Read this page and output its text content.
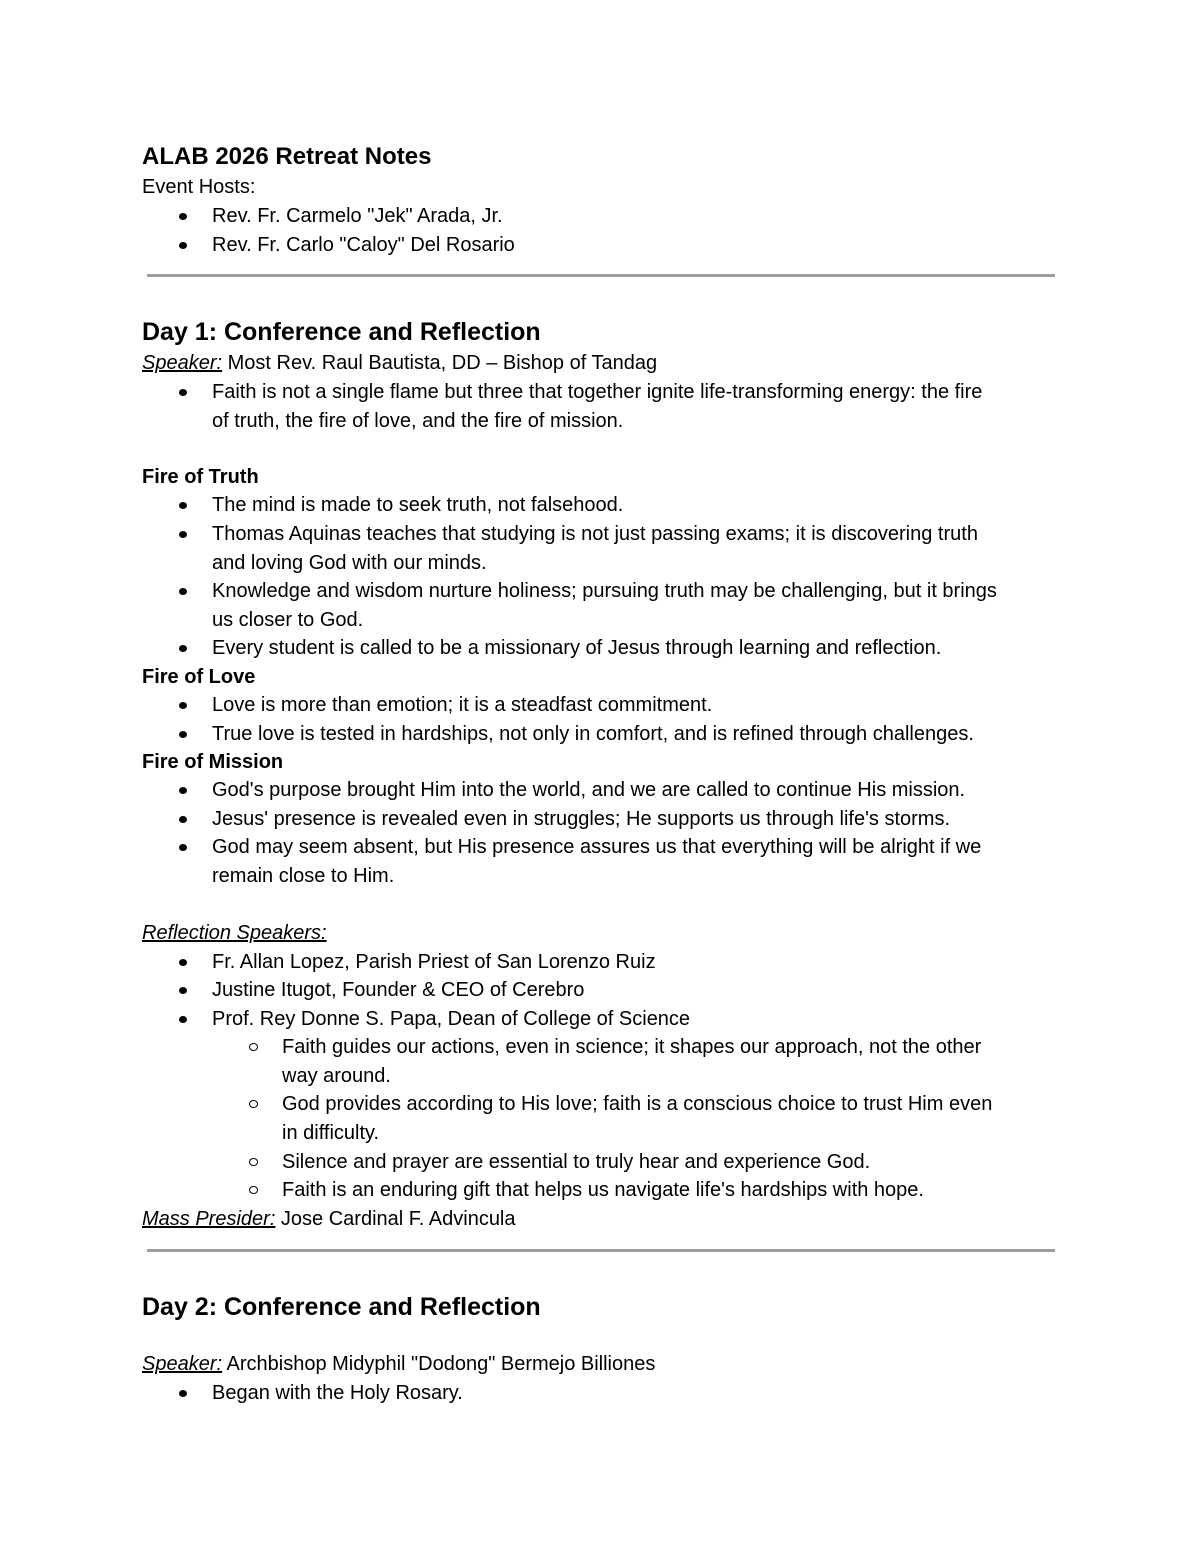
ALAB 2026 Retreat Notes

Event Hosts:

Rev. Fr. Carmelo "Jek" Arada, Jr.
Rev. Fr. Carlo "Caloy" Del Rosario
Day 1: Conference and Reflection

Speaker: Most Rev. Raul Bautista, DD – Bishop of Tandag

Faith is not a single flame but three that together ignite life-transforming energy: the fire
of truth, the fire of love, and the fire of mission.

Fire of Truth

The mind is made to seek truth, not falsehood.
Thomas Aquinas teaches that studying is not just passing exams; it is discovering truth
and loving God with our minds.
Knowledge and wisdom nurture holiness; pursuing truth may be challenging, but it brings
us closer to God.
Every student is called to be a missionary of Jesus through learning and reflection.

Fire of Love

Love is more than emotion; it is a steadfast commitment.
True love is tested in hardships, not only in comfort, and is refined through challenges.

Fire of Mission

God's purpose brought Him into the world, and we are called to continue His mission.
Jesus' presence is revealed even in struggles; He supports us through life's storms.
God may seem absent, but His presence assures us that everything will be alright if we
remain close to Him.

Reflection Speakers:

Fr. Allan Lopez, Parish Priest of San Lorenzo Ruiz
Justine Itugot, Founder & CEO of Cerebro
Prof. Rey Donne S. Papa, Dean of College of Science
Faith guides our actions, even in science; it shapes our approach, not the other
way around.
God provides according to His love; faith is a conscious choice to trust Him even
in difficulty.
Silence and prayer are essential to truly hear and experience God.
Faith is an enduring gift that helps us navigate life's hardships with hope.

Mass Presider: Jose Cardinal F. Advincula

Day 2: Conference and Reflection

Speaker: Archbishop Midyphil "Dodong" Bermejo Billiones

Began with the Holy Rosary.
